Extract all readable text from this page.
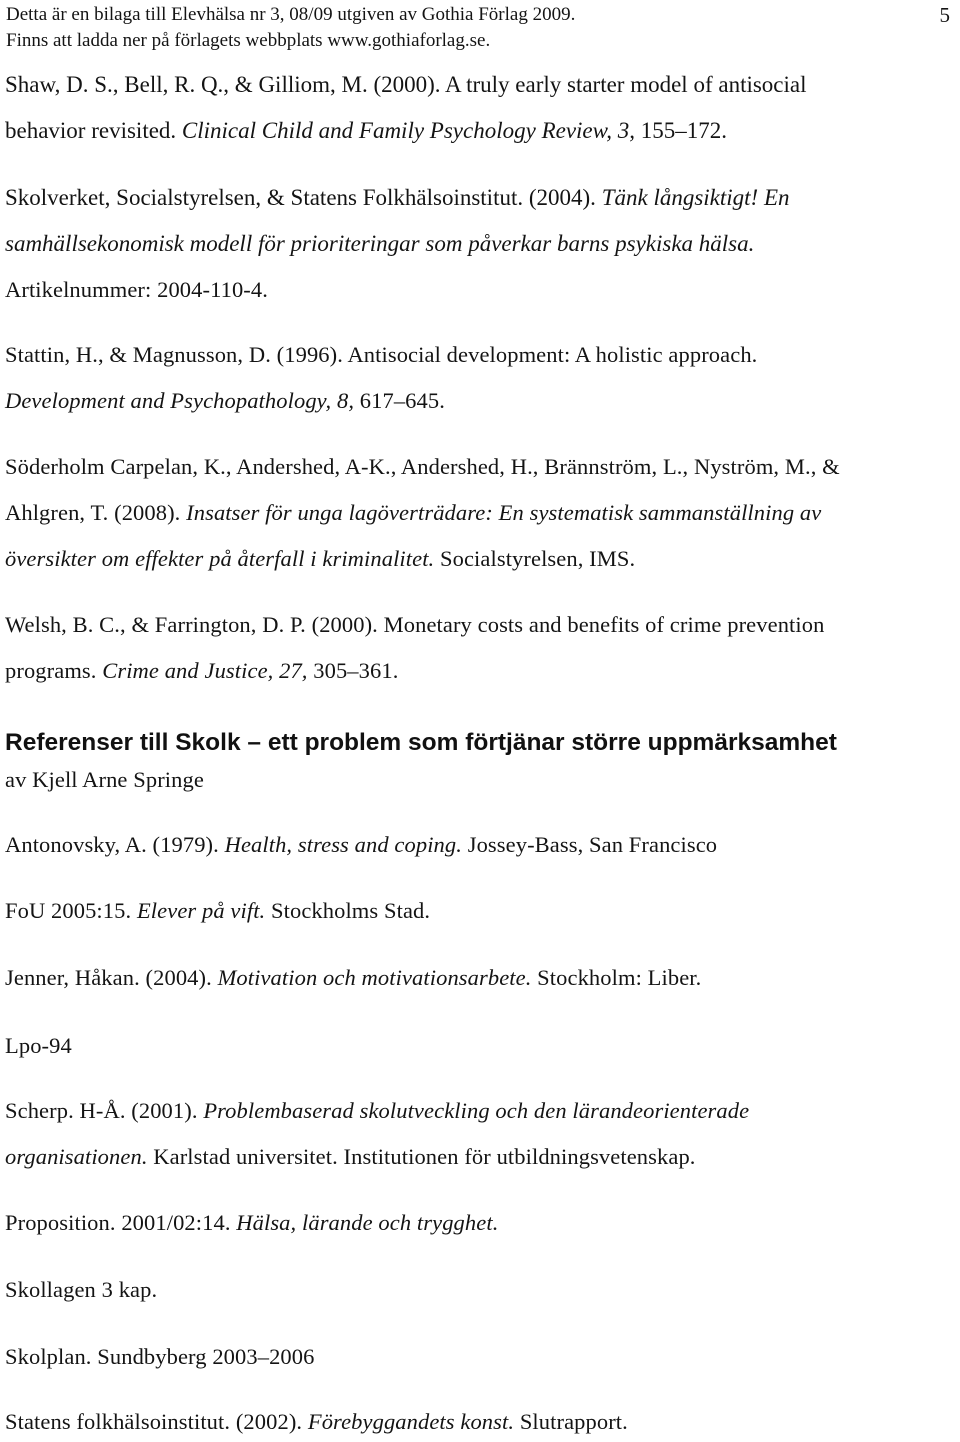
Detta är en bilaga till Elevhälsa nr 3, 08/09 utgiven av Gothia Förlag 2009.
Finns att ladda ner på förlagets webbplats www.gothiaforlag.se.
5
Shaw, D. S., Bell, R. Q., & Gilliom, M. (2000). A truly early starter model of antisocial
behavior revisited. Clinical Child and Family Psychology Review, 3, 155–172.
Skolverket, Socialstyrelsen, & Statens Folkhälsoinstitut. (2004). Tänk långsiktigt! En
samhällsekonomisk modell för prioriteringar som påverkar barns psykiska hälsa.
Artikelnummer: 2004-110-4.
Stattin, H., & Magnusson, D. (1996). Antisocial development: A holistic approach.
Development and Psychopathology, 8, 617–645.
Söderholm Carpelan, K., Andershed, A-K., Andershed, H., Brännström, L., Nyström, M., &
Ahlgren, T. (2008). Insatser för unga lagöverträdare: En systematisk sammanställning av
översikter om effekter på återfall i kriminalitet. Socialstyrelsen, IMS.
Welsh, B. C., & Farrington, D. P. (2000). Monetary costs and benefits of crime prevention
programs. Crime and Justice, 27, 305–361.
Referenser till Skolk – ett problem som förtjänar större uppmärksamhet
av Kjell Arne Springe
Antonovsky, A. (1979). Health, stress and coping. Jossey-Bass, San Francisco
FoU 2005:15. Elever på vift. Stockholms Stad.
Jenner, Håkan. (2004). Motivation och motivationsarbete. Stockholm: Liber.
Lpo-94
Scherp. H-Å. (2001). Problembaserad skolutveckling och den lärandeorienterade
organisationen. Karlstad universitet. Institutionen för utbildningsvetenskap.
Proposition. 2001/02:14. Hälsa, lärande och trygghet.
Skollagen 3 kap.
Skolplan. Sundbyberg 2003–2006
Statens folkhälsoinstitut. (2002). Förebyggandets konst. Slutrapport.
